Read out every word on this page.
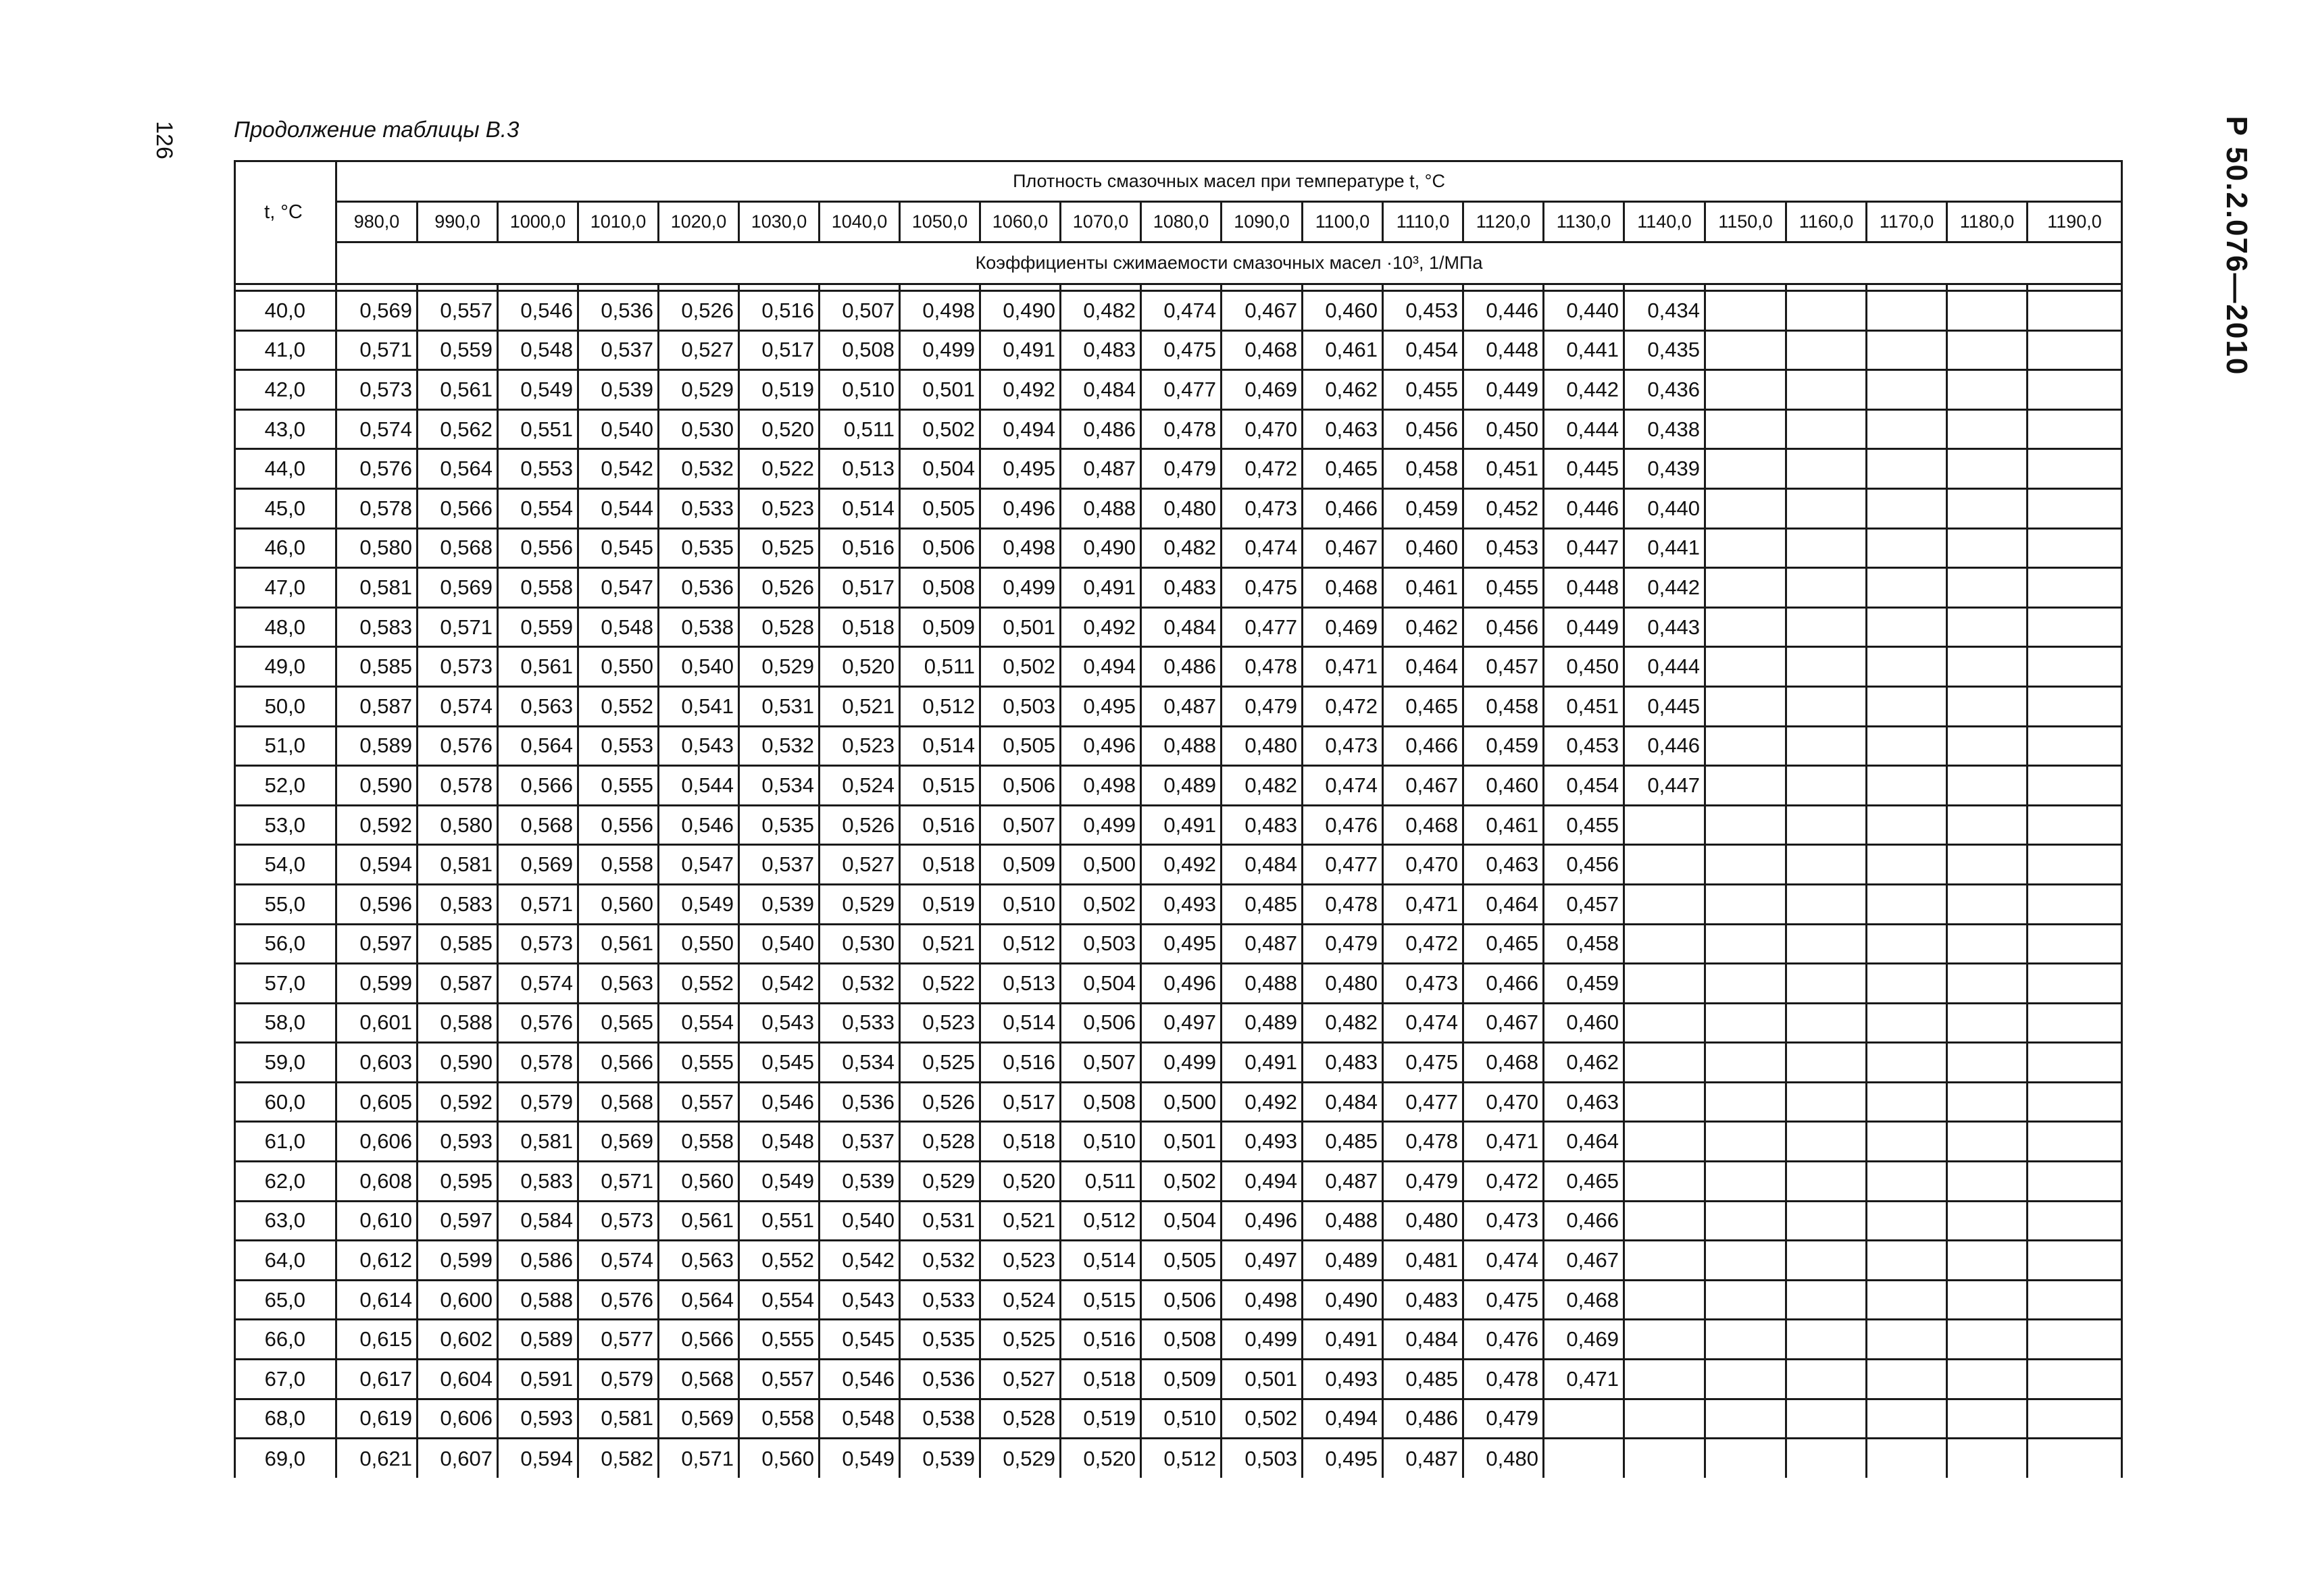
126	Р 50.2.076—2010
Продолжение таблицы В.3
t, °C	Плотность смазочных масел при температуре t, °C																					
	980,0	990,0	1000,0	1010,0	1020,0	1030,0	1040,0	1050,0	1060,0	1070,0	1080,0	1090,0	1100,0	1110,0	1120,0	1130,0	1140,0	1150,0	1160,0	1170,0	1180,0	1190,0
	Коэффициенты сжимаемости смазочных масел ·10³, 1/МПа																					

40,0	0,569	0,557	0,546	0,536	0,526	0,516	0,507	0,498	0,490	0,482	0,474	0,467	0,460	0,453	0,446	0,440	0,434					
41,0	0,571	0,559	0,548	0,537	0,527	0,517	0,508	0,499	0,491	0,483	0,475	0,468	0,461	0,454	0,448	0,441	0,435					
42,0	0,573	0,561	0,549	0,539	0,529	0,519	0,510	0,501	0,492	0,484	0,477	0,469	0,462	0,455	0,449	0,442	0,436					
43,0	0,574	0,562	0,551	0,540	0,530	0,520	0,511	0,502	0,494	0,486	0,478	0,470	0,463	0,456	0,450	0,444	0,438					
44,0	0,576	0,564	0,553	0,542	0,532	0,522	0,513	0,504	0,495	0,487	0,479	0,472	0,465	0,458	0,451	0,445	0,439					
45,0	0,578	0,566	0,554	0,544	0,533	0,523	0,514	0,505	0,496	0,488	0,480	0,473	0,466	0,459	0,452	0,446	0,440					
46,0	0,580	0,568	0,556	0,545	0,535	0,525	0,516	0,506	0,498	0,490	0,482	0,474	0,467	0,460	0,453	0,447	0,441					
47,0	0,581	0,569	0,558	0,547	0,536	0,526	0,517	0,508	0,499	0,491	0,483	0,475	0,468	0,461	0,455	0,448	0,442					
48,0	0,583	0,571	0,559	0,548	0,538	0,528	0,518	0,509	0,501	0,492	0,484	0,477	0,469	0,462	0,456	0,449	0,443					
49,0	0,585	0,573	0,561	0,550	0,540	0,529	0,520	0,511	0,502	0,494	0,486	0,478	0,471	0,464	0,457	0,450	0,444					
50,0	0,587	0,574	0,563	0,552	0,541	0,531	0,521	0,512	0,503	0,495	0,487	0,479	0,472	0,465	0,458	0,451	0,445					
51,0	0,589	0,576	0,564	0,553	0,543	0,532	0,523	0,514	0,505	0,496	0,488	0,480	0,473	0,466	0,459	0,453	0,446					
52,0	0,590	0,578	0,566	0,555	0,544	0,534	0,524	0,515	0,506	0,498	0,489	0,482	0,474	0,467	0,460	0,454	0,447					
53,0	0,592	0,580	0,568	0,556	0,546	0,535	0,526	0,516	0,507	0,499	0,491	0,483	0,476	0,468	0,461	0,455						
54,0	0,594	0,581	0,569	0,558	0,547	0,537	0,527	0,518	0,509	0,500	0,492	0,484	0,477	0,470	0,463	0,456						
55,0	0,596	0,583	0,571	0,560	0,549	0,539	0,529	0,519	0,510	0,502	0,493	0,485	0,478	0,471	0,464	0,457						
56,0	0,597	0,585	0,573	0,561	0,550	0,540	0,530	0,521	0,512	0,503	0,495	0,487	0,479	0,472	0,465	0,458						
57,0	0,599	0,587	0,574	0,563	0,552	0,542	0,532	0,522	0,513	0,504	0,496	0,488	0,480	0,473	0,466	0,459						
58,0	0,601	0,588	0,576	0,565	0,554	0,543	0,533	0,523	0,514	0,506	0,497	0,489	0,482	0,474	0,467	0,460						
59,0	0,603	0,590	0,578	0,566	0,555	0,545	0,534	0,525	0,516	0,507	0,499	0,491	0,483	0,475	0,468	0,462						
60,0	0,605	0,592	0,579	0,568	0,557	0,546	0,536	0,526	0,517	0,508	0,500	0,492	0,484	0,477	0,470	0,463						
61,0	0,606	0,593	0,581	0,569	0,558	0,548	0,537	0,528	0,518	0,510	0,501	0,493	0,485	0,478	0,471	0,464						
62,0	0,608	0,595	0,583	0,571	0,560	0,549	0,539	0,529	0,520	0,511	0,502	0,494	0,487	0,479	0,472	0,465						
63,0	0,610	0,597	0,584	0,573	0,561	0,551	0,540	0,531	0,521	0,512	0,504	0,496	0,488	0,480	0,473	0,466						
64,0	0,612	0,599	0,586	0,574	0,563	0,552	0,542	0,532	0,523	0,514	0,505	0,497	0,489	0,481	0,474	0,467						
65,0	0,614	0,600	0,588	0,576	0,564	0,554	0,543	0,533	0,524	0,515	0,506	0,498	0,490	0,483	0,475	0,468						
66,0	0,615	0,602	0,589	0,577	0,566	0,555	0,545	0,535	0,525	0,516	0,508	0,499	0,491	0,484	0,476	0,469						
67,0	0,617	0,604	0,591	0,579	0,568	0,557	0,546	0,536	0,527	0,518	0,509	0,501	0,493	0,485	0,478	0,471						
68,0	0,619	0,606	0,593	0,581	0,569	0,558	0,548	0,538	0,528	0,519	0,510	0,502	0,494	0,486	0,479							
69,0	0,621	0,607	0,594	0,582	0,571	0,560	0,549	0,539	0,529	0,520	0,512	0,503	0,495	0,487	0,480							
